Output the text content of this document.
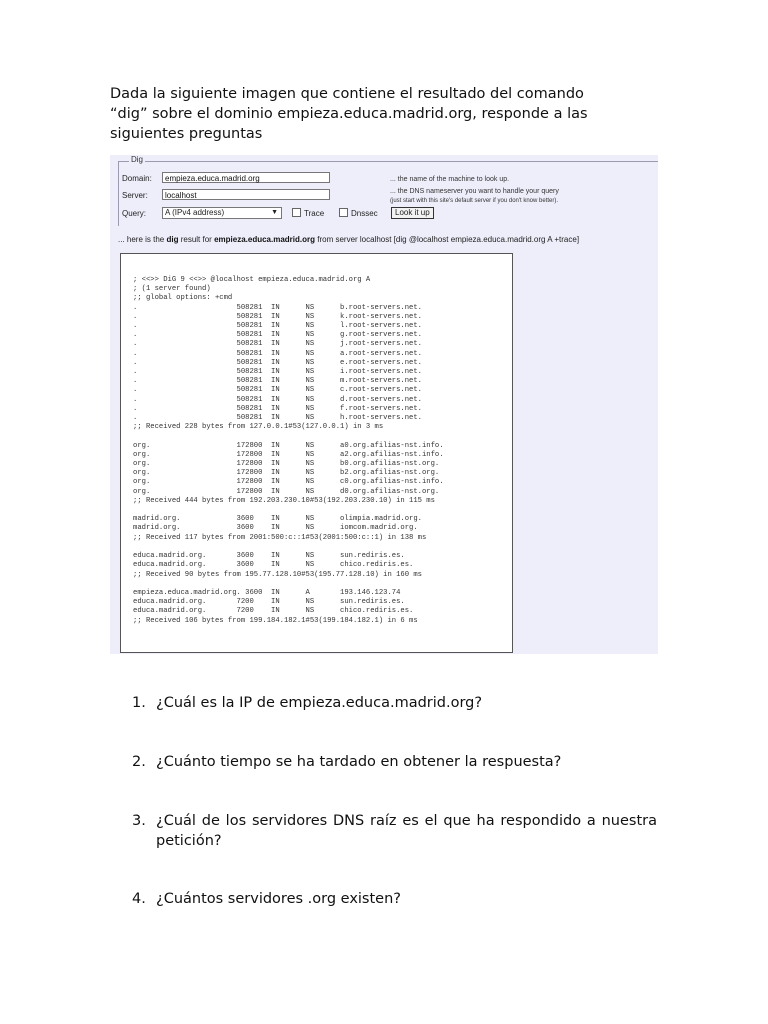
Dada la siguiente imagen que contiene el resultado del comando

“dig” sobre el dominio empieza.educa.madrid.org, responde a las

siguientes preguntas

Dig
Domain:	empieza.educa.madrid.org	... the name of the machine to look up.
Server:	localhost	... the DNS nameserver you want to handle your query
(just start with this site's default server if you don't know better).
Query:	A (IPv4 address)	▼	Trace	Dnssec	Look it up
... here is the dig result for empieza.educa.madrid.org from server localhost [dig @localhost empieza.educa.madrid.org A +trace]
; <<>> DiG 9 <<>> @localhost empieza.educa.madrid.org A
; (1 server found)
;; global options: +cmd
.                       508281  IN      NS      b.root-servers.net.
.                       508281  IN      NS      k.root-servers.net.
.                       508281  IN      NS      l.root-servers.net.
.                       508281  IN      NS      g.root-servers.net.
.                       508281  IN      NS      j.root-servers.net.
.                       508281  IN      NS      a.root-servers.net.
.                       508281  IN      NS      e.root-servers.net.
.                       508281  IN      NS      i.root-servers.net.
.                       508281  IN      NS      m.root-servers.net.
.                       508281  IN      NS      c.root-servers.net.
.                       508281  IN      NS      d.root-servers.net.
.                       508281  IN      NS      f.root-servers.net.
.                       508281  IN      NS      h.root-servers.net.
;; Received 228 bytes from 127.0.0.1#53(127.0.0.1) in 3 ms

org.                    172800  IN      NS      a0.org.afilias-nst.info.
org.                    172800  IN      NS      a2.org.afilias-nst.info.
org.                    172800  IN      NS      b0.org.afilias-nst.org.
org.                    172800  IN      NS      b2.org.afilias-nst.org.
org.                    172800  IN      NS      c0.org.afilias-nst.info.
org.                    172800  IN      NS      d0.org.afilias-nst.org.
;; Received 444 bytes from 192.203.230.10#53(192.203.230.10) in 115 ms

madrid.org.             3600    IN      NS      olimpia.madrid.org.
madrid.org.             3600    IN      NS      iomcom.madrid.org.
;; Received 117 bytes from 2001:500:c::1#53(2001:500:c::1) in 138 ms

educa.madrid.org.       3600    IN      NS      sun.rediris.es.
educa.madrid.org.       3600    IN      NS      chico.rediris.es.
;; Received 90 bytes from 195.77.128.10#53(195.77.128.10) in 160 ms

empieza.educa.madrid.org. 3600  IN      A       193.146.123.74
educa.madrid.org.       7200    IN      NS      sun.rediris.es.
educa.madrid.org.       7200    IN      NS      chico.rediris.es.
;; Received 106 bytes from 199.184.182.1#53(199.184.182.1) in 6 ms
1. ¿Cuál es la IP de empieza.educa.madrid.org?
2. ¿Cuánto tiempo se ha tardado en obtener la respuesta?
3. ¿Cuál de los servidores DNS raíz es el que ha respondido a nuestra petición?
4. ¿Cuántos servidores .org existen?
